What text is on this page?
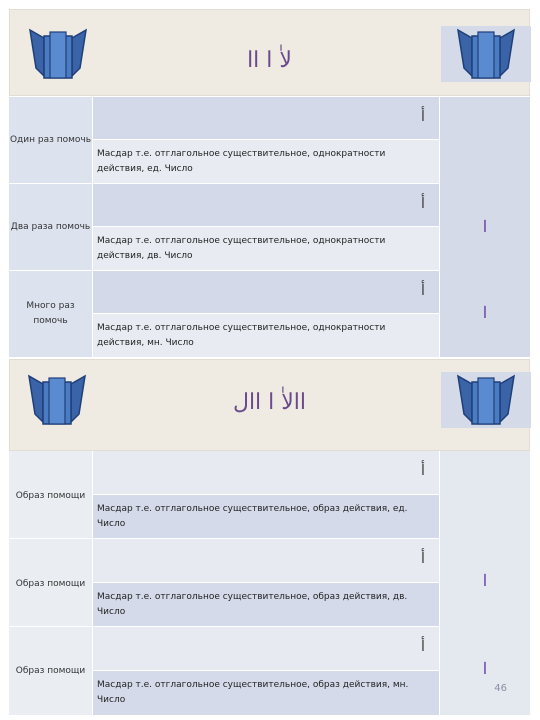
لاٰ ا اا
Один раз помочь
أ
Масдар т.е. отглагольное существительное, однократности действия, ед. Число
Два раза помочь
أ
Масдар т.е. отглагольное существительное, однократности действия, дв. Число
Много раз помочь
أ
Масдар т.е. отглагольное существительное, однократности действия, мн. Число
ا
ا
االاٰ ا اال
Образ помощи
أ
Масдар т.е. отглагольное существительное, образ действия, ед. Число
Образ помощи
أ
Масдар т.е. отглагольное существительное, образ действия, дв. Число
Образ помощи
أ
Масдар т.е. отглагольное существительное, образ действия, мн. Число
ا
ا
46
